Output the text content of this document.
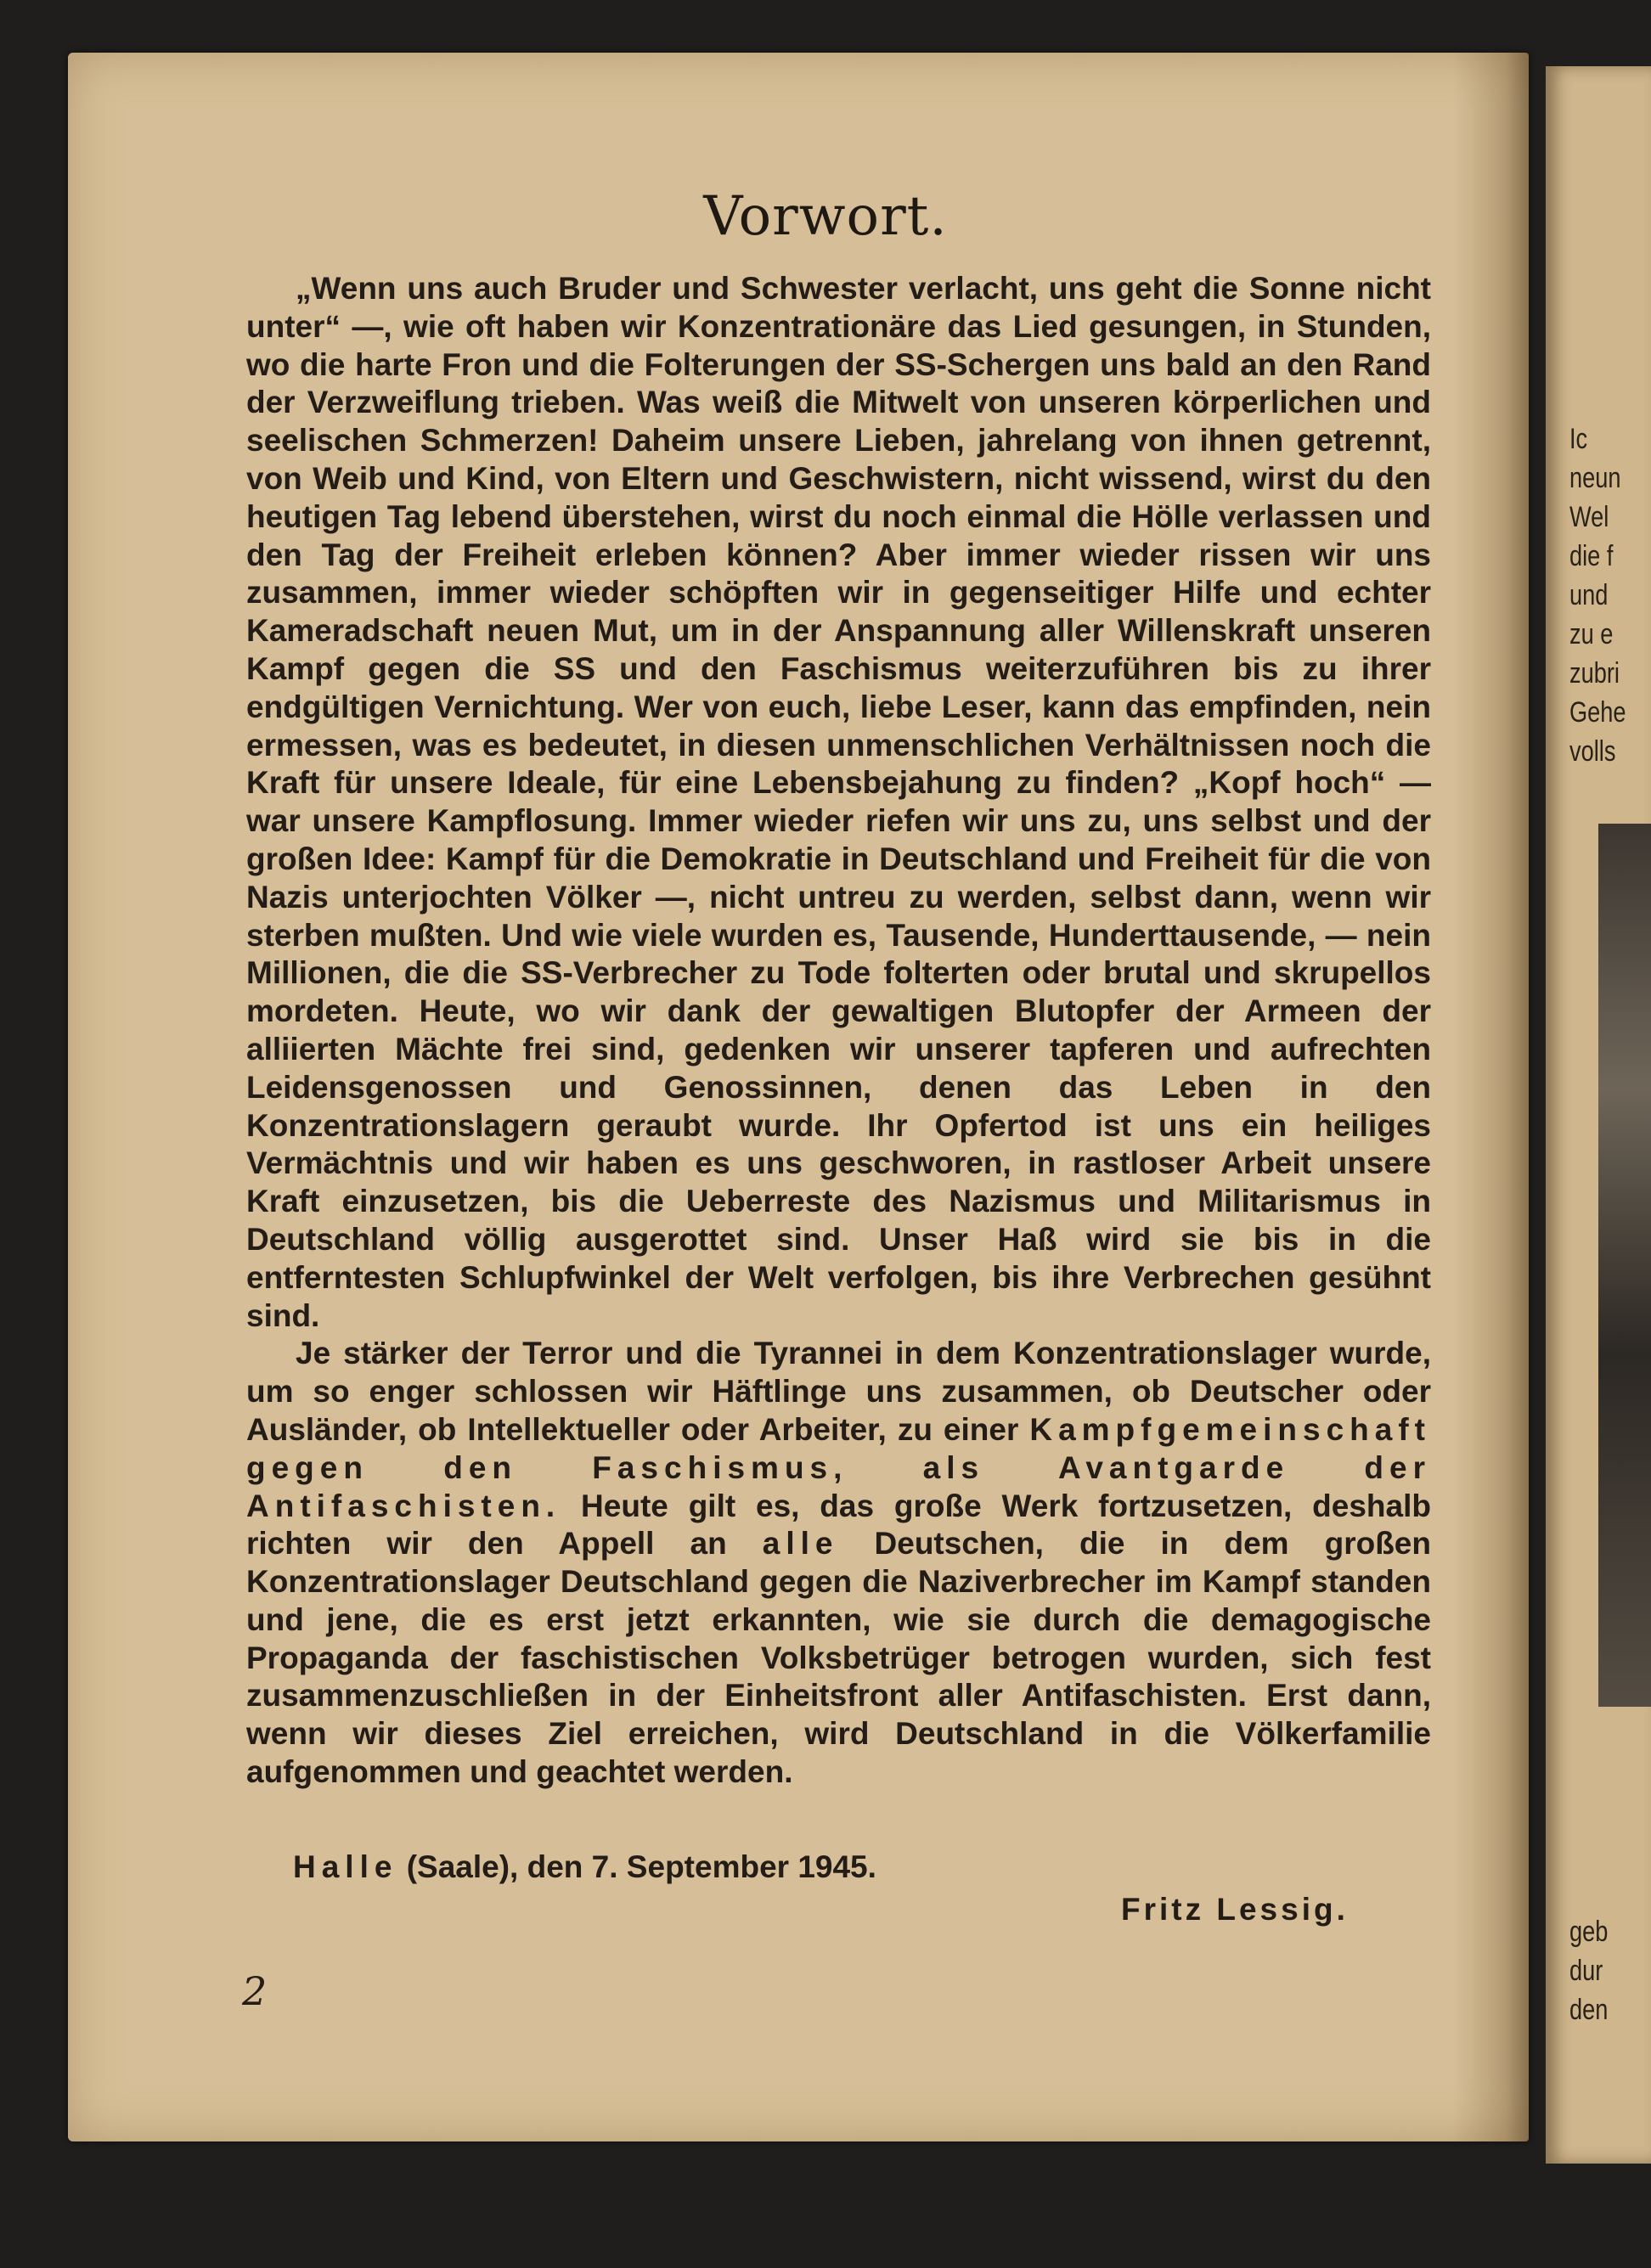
Ic
neun
Wel
die f
und
zu e
zubri
Gehe
volls
geb
dur
den
Vorwort.

„Wenn uns auch Bruder und Schwester verlacht, uns geht die Sonne nicht unter“ —, wie oft haben wir Konzentrationäre das Lied gesungen, in Stunden, wo die harte Fron und die Folterungen der SS-Schergen uns bald an den Rand der Verzweiflung trieben. Was weiß die Mitwelt von unseren körperlichen und seelischen Schmerzen! Daheim unsere Lieben, jahrelang von ihnen getrennt, von Weib und Kind, von Eltern und Geschwistern, nicht wissend, wirst du den heutigen Tag lebend überstehen, wirst du noch einmal die Hölle verlassen und den Tag der Freiheit erleben können? Aber immer wieder rissen wir uns zusammen, immer wieder schöpften wir in gegenseitiger Hilfe und echter Kameradschaft neuen Mut, um in der Anspannung aller Willenskraft unseren Kampf gegen die SS und den Faschismus weiterzuführen bis zu ihrer endgültigen Vernichtung. Wer von euch, liebe Leser, kann das empfinden, nein ermessen, was es bedeutet, in diesen unmenschlichen Verhältnissen noch die Kraft für unsere Ideale, für eine Lebensbejahung zu finden? „Kopf hoch“ — war unsere Kampflosung. Immer wieder riefen wir uns zu, uns selbst und der großen Idee: Kampf für die Demokratie in Deutschland und Freiheit für die von Nazis unterjochten Völker —, nicht untreu zu werden, selbst dann, wenn wir sterben mußten. Und wie viele wurden es, Tausende, Hunderttausende, — nein Millionen, die die SS-Verbrecher zu Tode folterten oder brutal und skrupellos mordeten. Heute, wo wir dank der gewaltigen Blutopfer der Armeen der alliierten Mächte frei sind, gedenken wir unserer tapferen und aufrechten Leidensgenossen und Genossinnen, denen das Leben in den Konzentrationslagern geraubt wurde. Ihr Opfertod ist uns ein heiliges Vermächtnis und wir haben es uns geschworen, in rastloser Arbeit unsere Kraft einzusetzen, bis die Ueberreste des Nazismus und Militarismus in Deutschland völlig ausgerottet sind. Unser Haß wird sie bis in die entferntesten Schlupfwinkel der Welt verfolgen, bis ihre Verbrechen gesühnt sind.

Je stärker der Terror und die Tyrannei in dem Konzentrationslager wurde, um so enger schlossen wir Häftlinge uns zusammen, ob Deutscher oder Ausländer, ob Intellektueller oder Arbeiter, zu einer Kampfgemeinschaft gegen den Faschismus, als Avantgarde der Antifaschisten. Heute gilt es, das große Werk fortzusetzen, deshalb richten wir den Appell an alle Deutschen, die in dem großen Konzentrationslager Deutschland gegen die Naziverbrecher im Kampf standen und jene, die es erst jetzt erkannten, wie sie durch die demagogische Propaganda der faschistischen Volksbetrüger betrogen wurden, sich fest zusammenzuschließen in der Einheitsfront aller Antifaschisten. Erst dann, wenn wir dieses Ziel erreichen, wird Deutschland in die Völkerfamilie aufgenommen und geachtet werden.

Halle (Saale), den 7. September 1945.
Fritz Lessig.
2
